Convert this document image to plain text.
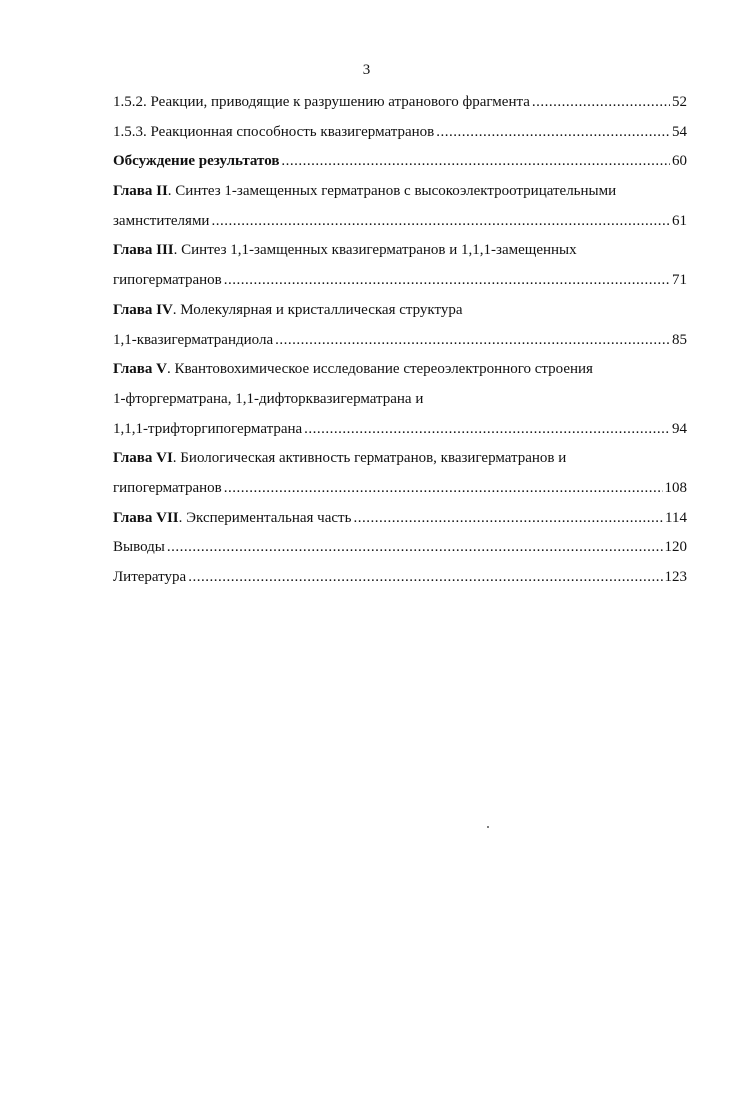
3
1.5.2. Реакции, приводящие к разрушению атранового фрагмента .....	52
1.5.3. Реакционная способность квазигерматранов .....	54
Обсуждение результатов .....	60
Глава II. Синтез 1-замещенных герматранов с высокоэлектроотрицательными
замнстителями .....	61
Глава III. Синтез 1,1-замщенных квазигерматранов и 1,1,1-замещенных
гипогерматранов .....	71
Глава IV. Молекулярная и кристаллическая структура
1,1-квазигерматрандиола .....	85
Глава V. Квантовохимическое исследование стереоэлектронного строения
1-фторгерматрана, 1,1-дифторквазигерматрана и
1,1,1-трифторгипогерматрана .....	94
Глава VI. Биологическая активность герматранов, квазигерматранов и
гипогерматранов .....	108
Глава VII. Экспериментальная часть .....	114
Выводы .....	120
Литература .....	123
